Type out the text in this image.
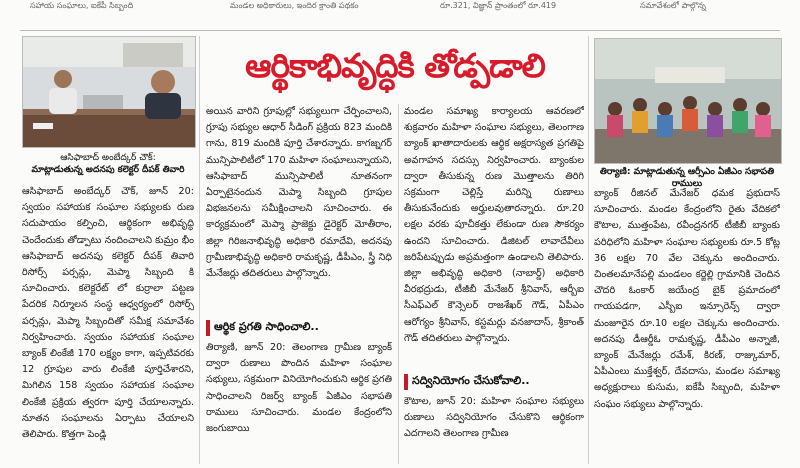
సహాయ సంఘాలు, ఐకేపీ సిబ్బంది	మండల అధికారులు, ఇందిర క్రాంతి పథకం	రూ.321, విజ్ఞాన్ ప్రాంతంలో రూ.419	సమావేశంలో పాల్గొన్న
ఆసిఫాబాద్ అంబేద్కర్ చౌక్:
మాట్లాడుతున్న అదనపు కలెక్టర్ దీపక్ తివారి
ఆర్థికాభివృద్ధికి తోడ్పడాలి
తిర్యాణి: మాట్లాడుతున్న ఆర్సీఎం ఏజీఎం సభాపతి రాములు

ఆసిఫాబాద్ అంబేద్కర్ చౌక్, జూన్ 20: స్వయం సహాయక సంఘాల సభ్యులకు రుణ సదుపాయం కల్పించి, ఆర్థికంగా అభివృద్ధి చెందేందుకు తోడ్పాటు నందించాలని కుమ్రం భీం ఆసిఫాబాద్ అదనపు కలెక్టర్ దీపక్ తివారి రిసోర్స్ పర్సన్లు, మెప్మా సిబ్బంది కి సూచించారు. కలెక్టరేట్ లో కుర్రాలా పట్టణ పేదరిక నిర్మూలన సంస్థ ఆధ్వర్యంలో రిసోర్స్ పర్సన్లు, మెప్మా సిబ్బందితో సమీక్ష సమావేశం నిర్వహించారు. స్వయం సహాయక సంఘాల బ్యాంక్ లింకేజీ 170 లక్ష్యం కాగా, ఇప్పటివరకు 12 గ్రూపుల వారు లింకేజీ పూర్తిచేశారని, మిగిలిన 158 స్వయం సహాయక సంఘాల లింకేజీ ప్రక్రియ త్వరగా పూర్తి చేయాలన్నారు. నూతన సంఘాలను ఏర్పాటు చేయాలని తెలిపారు. కొత్తగా పెండ్లి

అయిన వారిని గ్రూపుల్లో సభ్యులుగా చేర్పించాలని, గ్రూపు సభ్యుల ఆధార్ సీడింగ్ ప్రక్రియ 823 మందికి గాను, 819 మందికి పూర్తి చేశారన్నారు. కాగజ్నగర్ మున్సిపాలిటీలో 170 మహిళా సంఘాలున్నాయని, ఆసిఫాబాద్ మున్సిపాలిటీ నూతనంగా ఏర్పాటైనందున మెప్మా సిబ్బంది గ్రూపుల విభజనలను సమీక్షించాలని సూచించారు. ఈ కార్యక్రమంలో మెప్మా ప్రాజెక్టు డైరెక్టర్ మోతీరాం, జిల్లా గిరిజనాభివృద్ధి అధికారి రమాదేవి, అదనపు గ్రామీణాభివృద్ధి అధికారి రామకృష్ణ, డీపీఎం, స్త్రీ నిధి మేనేజర్లు తదితరులు పాల్గొన్నారు.

ఆర్థిక ప్రగతి సాధించాలి..

తిర్యాణి, జూన్ 20: తెలంగాణ గ్రామీణ బ్యాంక్ ద్వారా రుణాలు పొందిన మహిళా సంఘాల సభ్యులు, సక్రమంగా వినియోగించుకుని ఆర్థిక ప్రగతి సాధించాలని రిజర్వ్ బ్యాంక్ ఏజీఎం సభాపతి రాములు సూచించారు. మండల కేంద్రంలోని జంగుబాయి

మండల సమాఖ్య కార్యాలయ ఆవరణలో శుక్రవారం మహిళా సంఘాల సభ్యులు, తెలంగాణ బ్యాంక్ ఖాతాదారులకు ఆర్థిక అక్షరాస్యత ప్రగతిపై అవగాహన సదస్సు నిర్వహించారు. బ్యాంకుల ద్వారా తీసుకున్న రుణ మొత్తాలను తిరిగి సక్రమంగా చెల్లిస్తే మరిన్ని రుణాలు తీసుకునేందుకు అర్హులవుతారన్నారు. రూ.20 లక్షల వరకు పూచీకత్తు లేకుండా రుణ సౌకర్యం ఉందని సూచించారు. డిజిటల్ లావాదేవీలు జరిపేటప్పుడు అప్రమత్తంగా ఉండాలని తెలిపారు. జిల్లా అభివృద్ధి అధికారి (నాబార్డ్) అధికారి వీరభద్రుడు, టీజీబీ మేనేజర్ శ్రీనివాస్, ఆర్బీఐ సీఎఫ్ఎల్ కౌన్సెలర్ రాజశేఖర్ గౌడ్, ఏపీఎం ఆరోగ్యం శ్రీనివాస్, కస్టమర్లు వనజాదాస్, శ్రీకాంత్ గౌడ్ తదితరులు పాల్గొన్నారు.

సద్వినియోగం చేసుకోవాలి..

కౌటాల, జూన్ 20: మహిళా సంఘాల సభ్యులు రుణాలు సద్వినియోగం చేసుకొని ఆర్థికంగా ఎదగాలని తెలంగాణ గ్రామీణ

బ్యాంక్ రీజినల్ మేనేజర్ ధమక ప్రభుదాస్ సూచించారు. మండల కేంద్రంలోని రైతు వేదికలో కౌటాల, ముత్తంపేట, రవీంద్రనగర్ టీజీబీ బ్యాంకు పరిధిలోని మహిళా సంఘాల సభ్యులకు రూ.5 కోట్ల 36 లక్షల 70 వేల చెక్కును అందించారు. చింతలమానేపల్లి మండలం కర్జెల్లి గ్రామానికి చెందిన చౌదరి ఓంకార్ జయేంద్ర బైక్ ప్రమాదంలో గాయపడగా, ఎస్బీఐ ఇన్సూరెన్స్ ద్వారా మంజూరైన రూ.10 లక్షల చెక్కును అందించారు. అదనపు డీఆర్డీఓ రామకృష్ణ, డీపీఎం అన్నాజీ, బ్యాంక్ మేనేజర్లు రమేశ్, కిరణ్, రాజ్కుమార్, ఏపీఎంలు ముక్తేశ్వర్, దేవదాసు, మండల సమాఖ్య అధ్యక్షురాలు కుసుమ, ఐకేపీ సిబ్బంది, మహిళా సంఘం సభ్యులు పాల్గొన్నారు.
